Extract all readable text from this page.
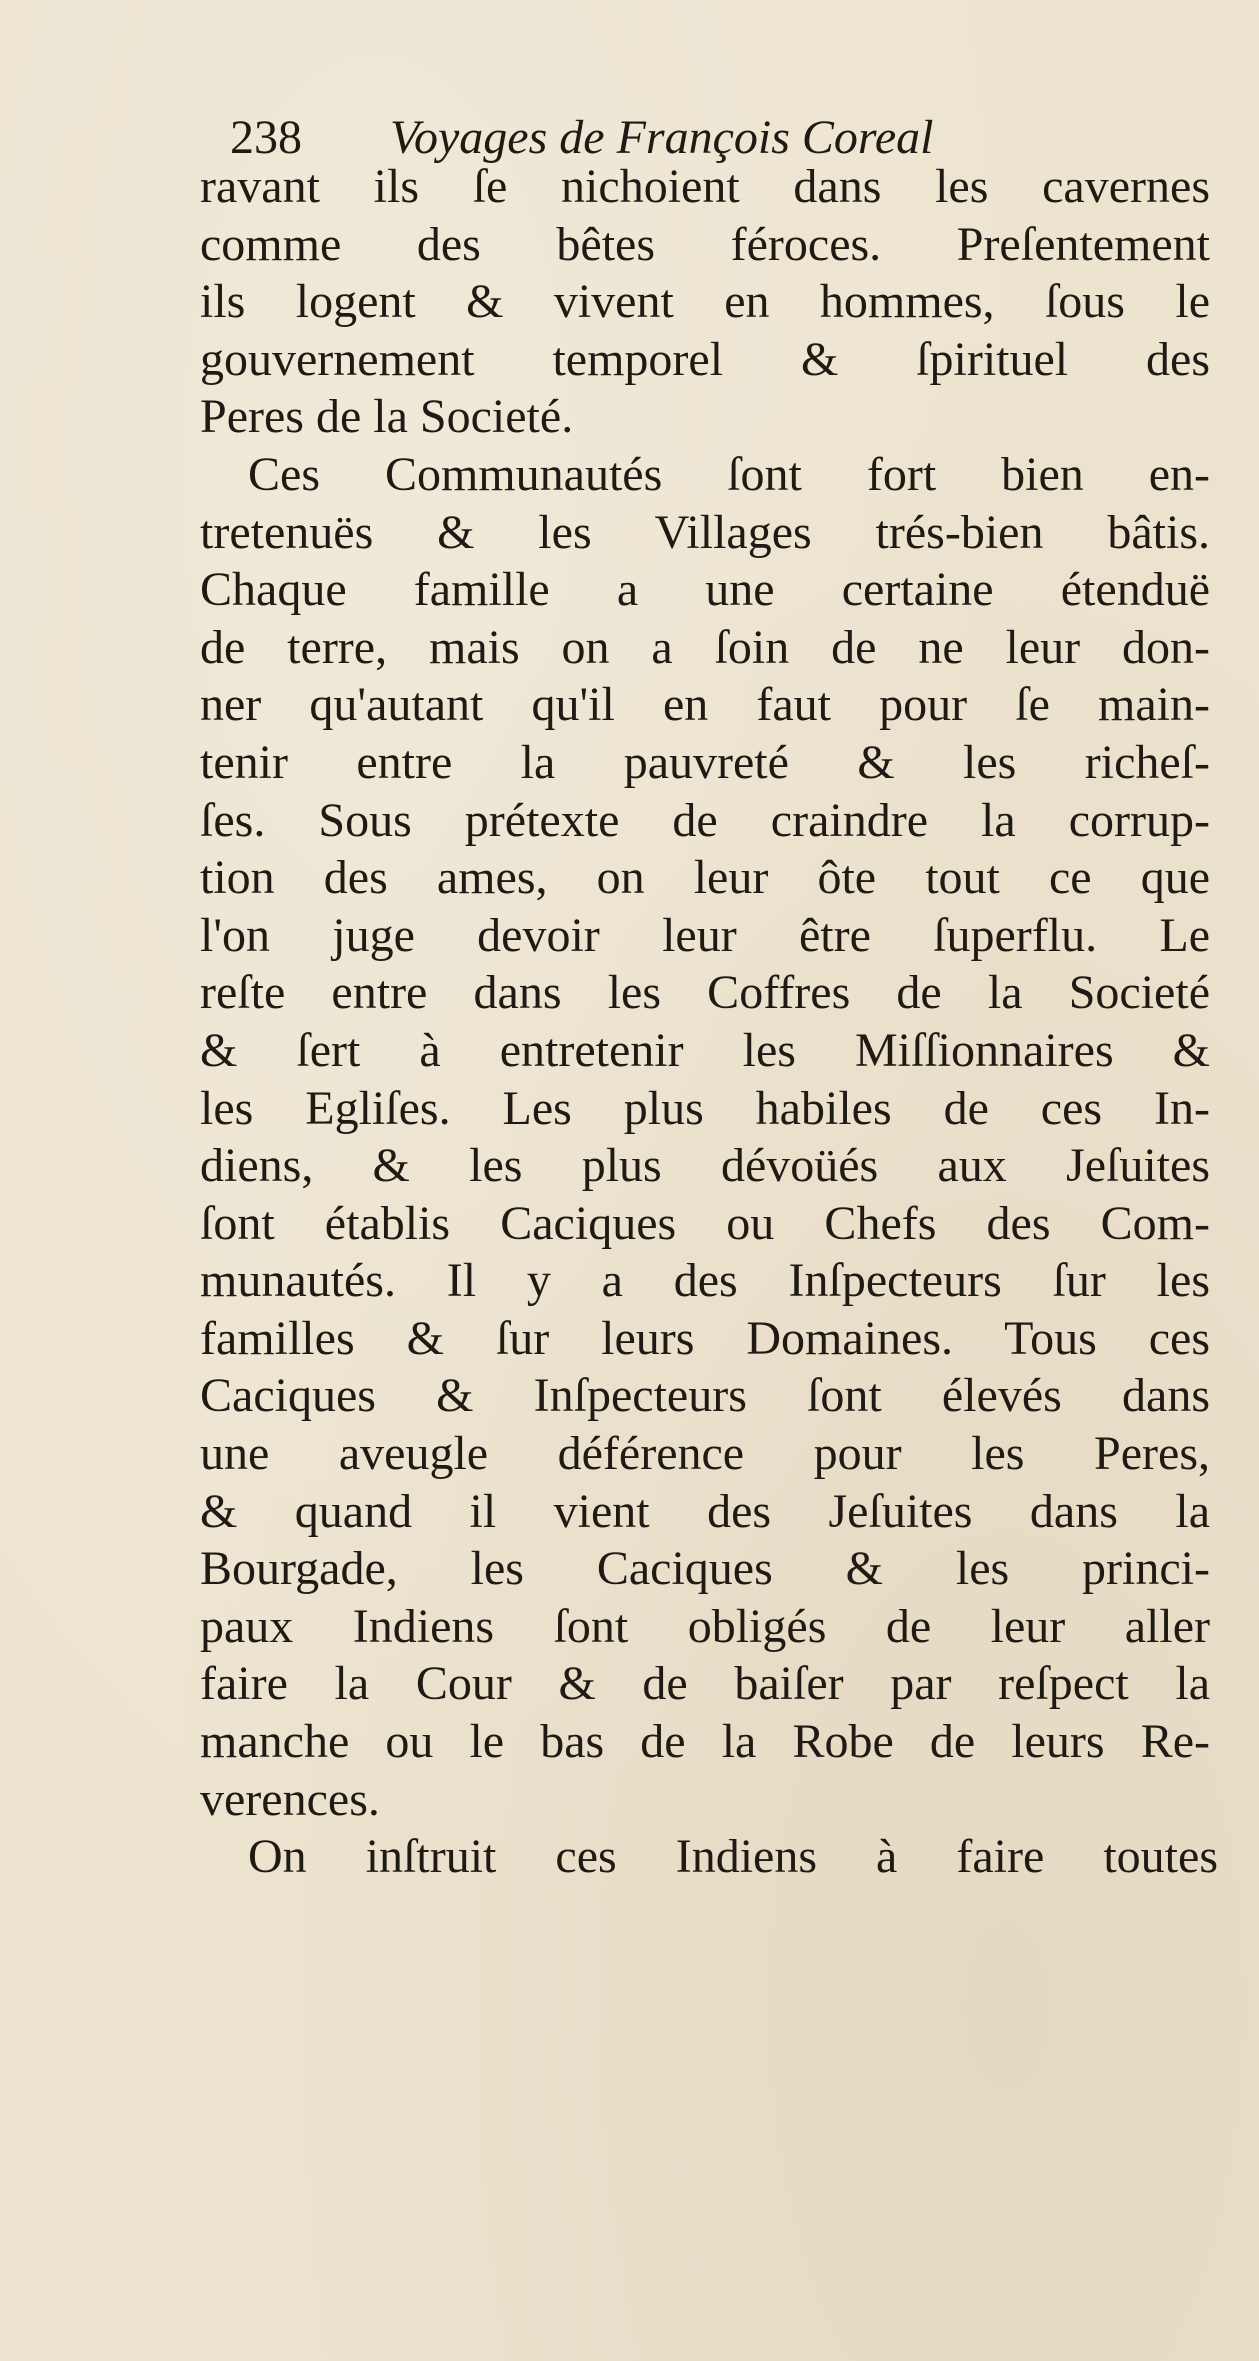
238 Voyages de François Coreal
ravant ils ſe nichoient dans les cavernes
comme des bêtes féroces. Preſentement
ils logent & vivent en hommes, ſous le
gouvernement temporel & ſpirituel des
Peres de la Societé.
Ces Communautés ſont fort bien en-
tretenuës & les Villages trés-bien bâtis.
Chaque famille a une certaine étenduë
de terre, mais on a ſoin de ne leur don-
ner qu'autant qu'il en faut pour ſe main-
tenir entre la pauvreté & les richeſ-
ſes. Sous prétexte de craindre la corrup-
tion des ames, on leur ôte tout ce que
l'on juge devoir leur être ſuperflu. Le
reſte entre dans les Coffres de la Societé
& ſert à entretenir les Miſſionnaires &
les Egliſes. Les plus habiles de ces In-
diens, & les plus dévoüés aux Jeſuites
ſont établis Caciques ou Chefs des Com-
munautés. Il y a des Inſpecteurs ſur les
familles & ſur leurs Domaines. Tous ces
Caciques & Inſpecteurs ſont élevés dans
une aveugle déférence pour les Peres,
& quand il vient des Jeſuites dans la
Bourgade, les Caciques & les princi-
paux Indiens ſont obligés de leur aller
faire la Cour & de baiſer par reſpect la
manche ou le bas de la Robe de leurs Re-
verences.
On inſtruit ces Indiens à faire toutes
